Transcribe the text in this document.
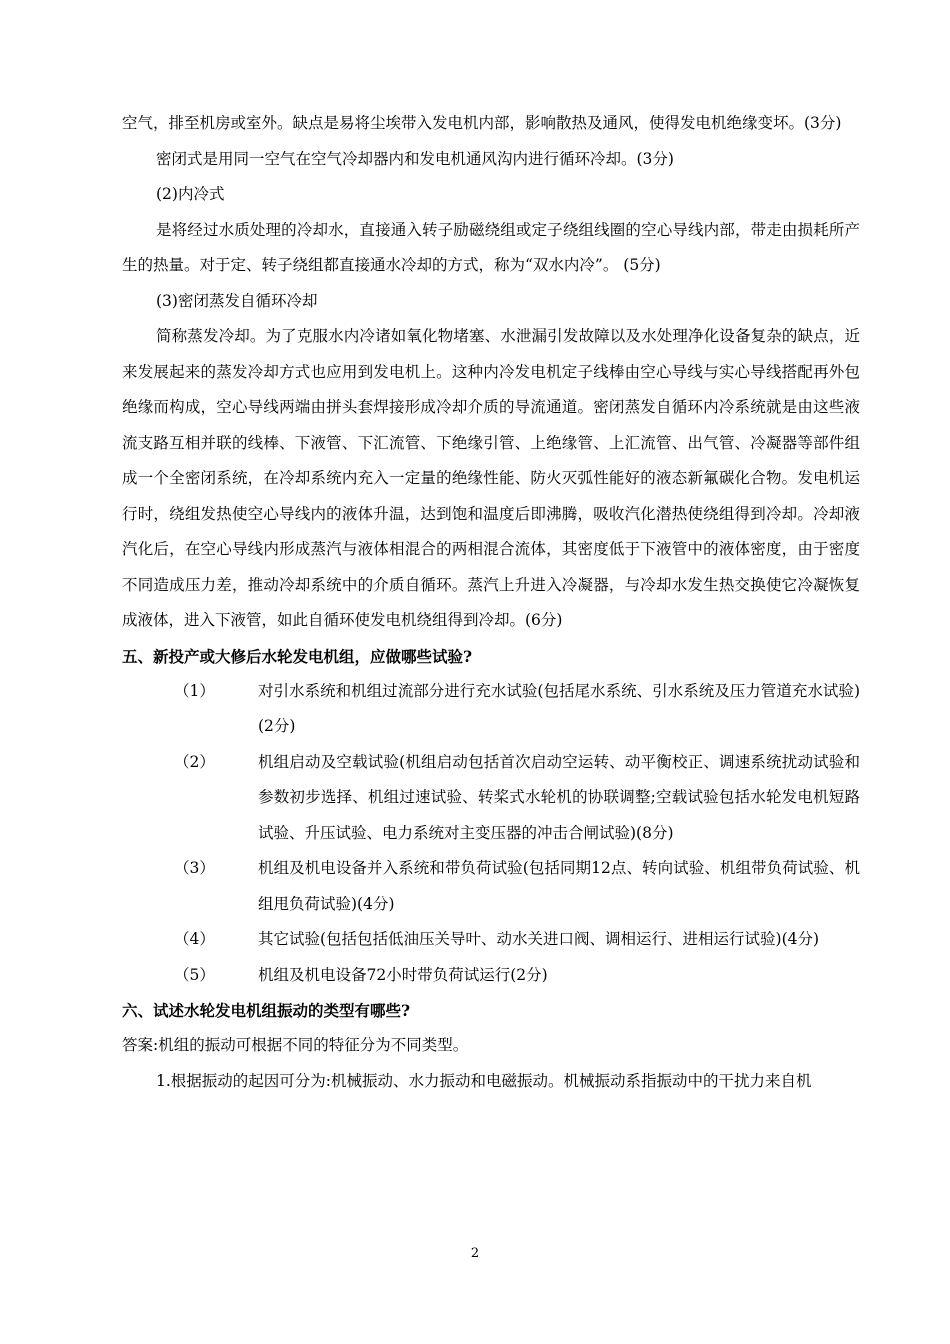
空气，排至机房或室外。缺点是易将尘埃带入发电机内部，影响散热及通风，使得发电机绝缘变坏。(3分)

密闭式是用同一空气在空气冷却器内和发电机通风沟内进行循环冷却。(3分)

(2)内冷式

是将经过水质处理的冷却水，直接通入转子励磁绕组或定子绕组线圈的空心导线内部，带走由损耗所产生的热量。对于定、转子绕组都直接通水冷却的方式，称为“双水内冷”。 (5分)

(3)密闭蒸发自循环冷却

简称蒸发冷却。为了克服水内冷诸如氧化物堵塞、水泄漏引发故障以及水处理净化设备复杂的缺点，近来发展起来的蒸发冷却方式也应用到发电机上。这种内冷发电机定子线棒由空心导线与实心导线搭配再外包绝缘而构成，空心导线两端由拼头套焊接形成冷却介质的导流通道。密闭蒸发自循环内冷系统就是由这些液流支路互相并联的线棒、下液管、下汇流管、下绝缘引管、上绝缘管、上汇流管、出气管、冷凝器等部件组成一个全密闭系统，在冷却系统内充入一定量的绝缘性能、防火灭弧性能好的液态新氟碳化合物。发电机运行时，绕组发热使空心导线内的液体升温，达到饱和温度后即沸腾，吸收汽化潜热使绕组得到冷却。冷却液汽化后，在空心导线内形成蒸汽与液体相混合的两相混合流体，其密度低于下液管中的液体密度，由于密度不同造成压力差，推动冷却系统中的介质自循环。蒸汽上升进入冷凝器，与冷却水发生热交换使它冷凝恢复成液体，进入下液管，如此自循环使发电机绕组得到冷却。(6分)

五、新投产或大修后水轮发电机组，应做哪些试验?

（1）	对引水系统和机组过流部分进行充水试验(包括尾水系统、引水系统及压力管道充水试验)(2分)
（2）	机组启动及空载试验(机组启动包括首次启动空运转、动平衡校正、调速系统扰动试验和参数初步选择、机组过速试验、转桨式水轮机的协联调整;空载试验包括水轮发电机短路试验、升压试验、电力系统对主变压器的冲击合闸试验)(8分)
（3）	机组及机电设备并入系统和带负荷试验(包括同期12点、转向试验、机组带负荷试验、机组甩负荷试验)(4分)
（4）	其它试验(包括包括低油压关导叶、动水关进口阀、调相运行、进相运行试验)(4分)
（5）	机组及机电设备72小时带负荷试运行(2分)

六、试述水轮发电机组振动的类型有哪些?

答案:机组的振动可根据不同的特征分为不同类型。

1.根据振动的起因可分为:机械振动、水力振动和电磁振动。机械振动系指振动中的干扰力来自机

2
